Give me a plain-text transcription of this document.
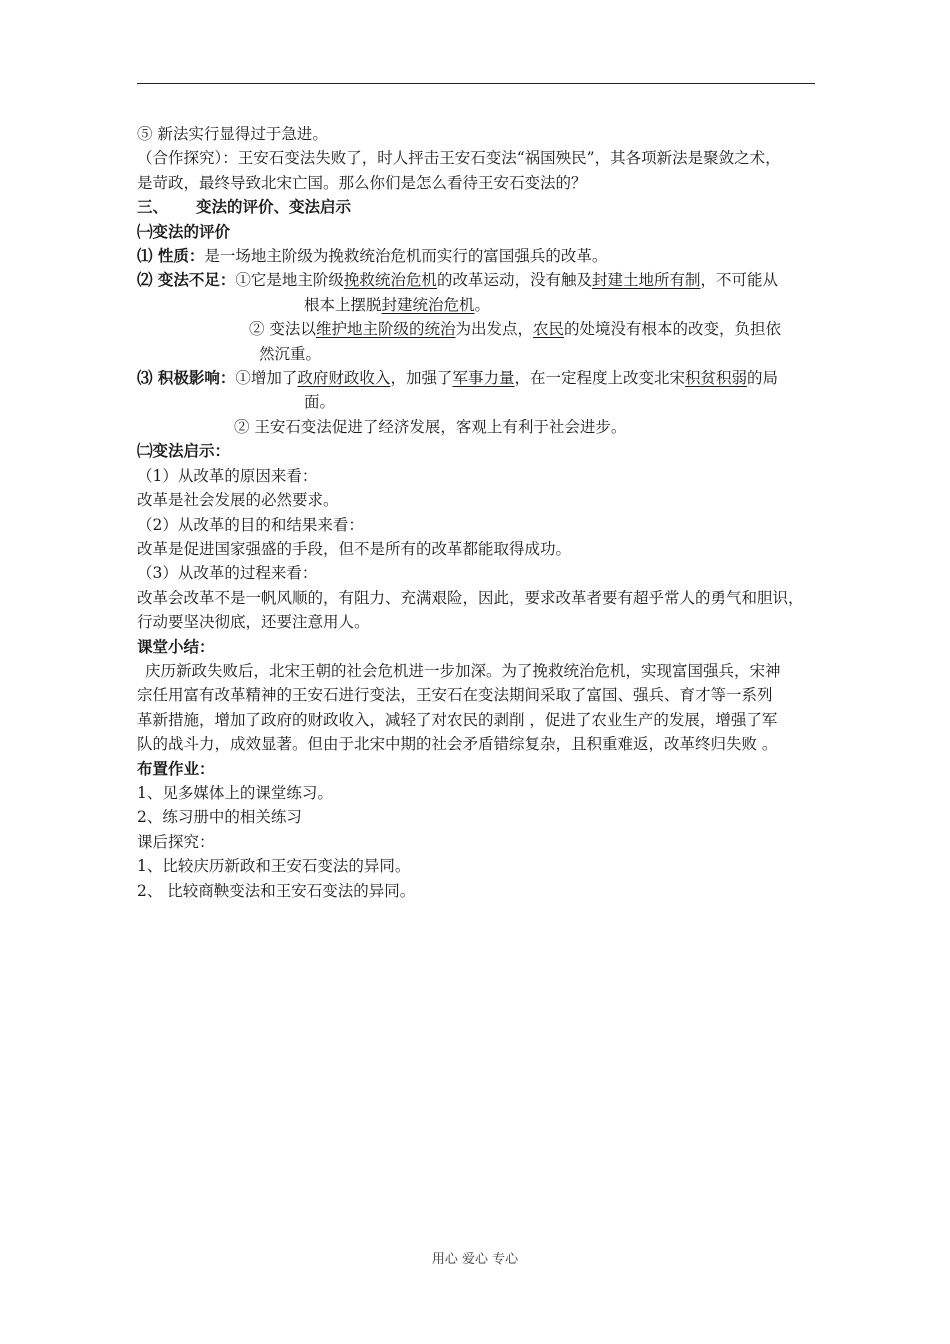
⑤ 新法实行显得过于急进。
（合作探究）：王安石变法失败了，时人抨击王安石变法“祸国殃民”，其各项新法是聚敛之术，
是苛政，最终导致北宋亡国。那么你们是怎么看待王安石变法的？
三、 变法的评价、变法启示
㈠变法的评价
⑴ 性质：是一场地主阶级为挽救统治危机而实行的富国强兵的改革。
⑵ 变法不足：①它是地主阶级挽救统治危机的改革运动，没有触及封建土地所有制，不可能从
根本上摆脱封建统治危机。
② 变法以维护地主阶级的统治为出发点，农民的处境没有根本的改变，负担依
然沉重。
⑶ 积极影响：①增加了政府财政收入，加强了军事力量，在一定程度上改变北宋积贫积弱的局
面。
② 王安石变法促进了经济发展，客观上有利于社会进步。
㈡变法启示：
（1）从改革的原因来看：
改革是社会发展的必然要求。
（2）从改革的目的和结果来看：
改革是促进国家强盛的手段，但不是所有的改革都能取得成功。
（3）从改革的过程来看：
改革会改革不是一帆风顺的，有阻力、充满艰险，因此，要求改革者要有超乎常人的勇气和胆识，
行动要坚决彻底，还要注意用人。
课堂小结：
庆历新政失败后，北宋王朝的社会危机进一步加深。为了挽救统治危机，实现富国强兵，宋神
宗任用富有改革精神的王安石进行变法，王安石在变法期间采取了富国、强兵、育才等一系列
革新措施，增加了政府的财政收入，减轻了对农民的剥削 ，促进了农业生产的发展，增强了军
队的战斗力，成效显著。但由于北宋中期的社会矛盾错综复杂，且积重难返，改革终归失败 。
布置作业：
1、见多媒体上的课堂练习。
2、练习册中的相关练习
课后探究：
1、比较庆历新政和王安石变法的异同。
2、 比较商鞅变法和王安石变法的异同。
用心 爱心 专心
